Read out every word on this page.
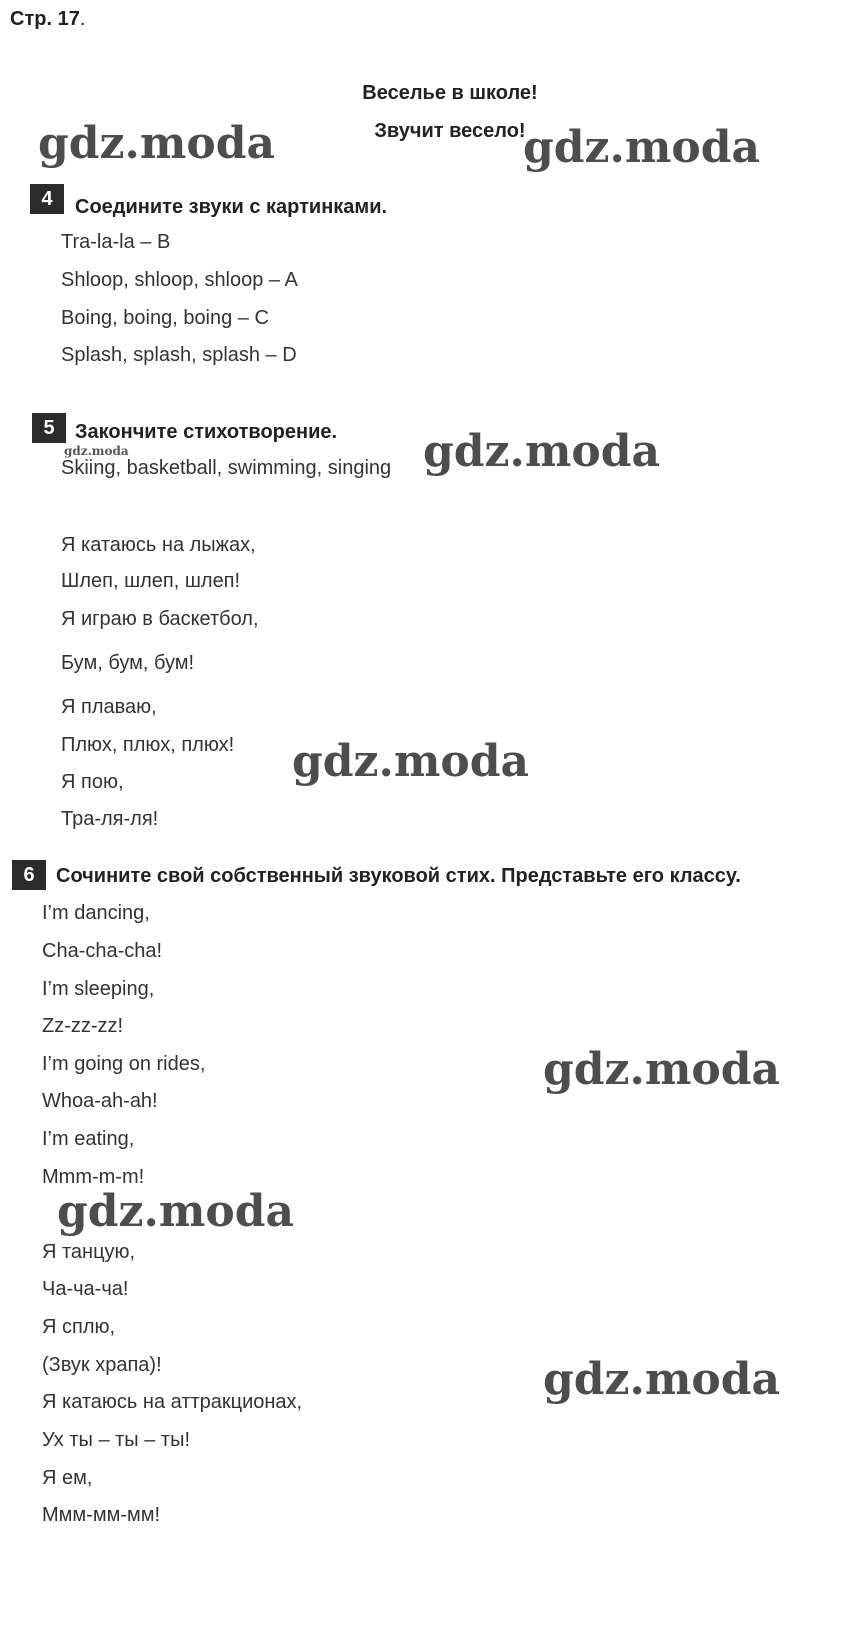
Стр. 17.
Веселье в школе!
Звучит весело!
gdz.moda	gdz.moda
gdz.moda
gdz.moda
gdz.moda
gdz.moda
gdz.moda
gdz.moda
4	Соедините звуки с картинками.
Tra-la-la – B
Shloop, shloop, shloop – A
Boing, boing, boing – C
Splash, splash, splash – D
5	Закончите стихотворение.
Skiing, basketball, swimming, singing
Я катаюсь на лыжах,
Шлеп, шлеп, шлеп!
Я играю в баскетбол,
Бум, бум, бум!
Я плаваю,
Плюх, плюх, плюх!
Я пою,
Тра-ля-ля!
6	Сочините свой собственный звуковой стих. Представьте его классу.
I’m dancing,
Cha-cha-cha!
I’m sleeping,
Zz-zz-zz!
I’m going on rides,
Whoa-ah-ah!
I’m eating,
Mmm-m-m!
Я танцую,
Ча-ча-ча!
Я сплю,
(Звук храпа)!
Я катаюсь на аттракционах,
Ух ты – ты – ты!
Я ем,
Ммм-мм-мм!
